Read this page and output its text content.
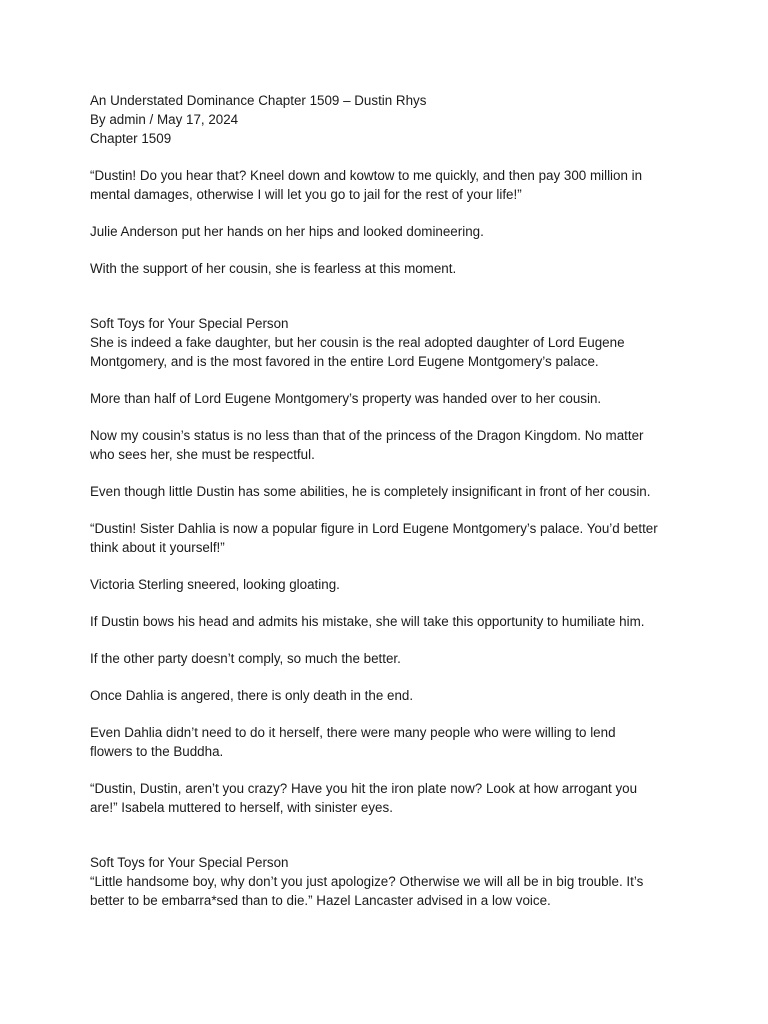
An Understated Dominance Chapter 1509 – Dustin Rhys
By admin / May 17, 2024
Chapter 1509
“Dustin! Do you hear that? Kneel down and kowtow to me quickly, and then pay 300 million in
mental damages, otherwise I will let you go to jail for the rest of your life!”
Julie Anderson put her hands on her hips and looked domineering.
With the support of her cousin, she is fearless at this moment.
Soft Toys for Your Special Person
She is indeed a fake daughter, but her cousin is the real adopted daughter of Lord Eugene
Montgomery, and is the most favored in the entire Lord Eugene Montgomery’s palace.
More than half of Lord Eugene Montgomery’s property was handed over to her cousin.
Now my cousin’s status is no less than that of the princess of the Dragon Kingdom. No matter
who sees her, she must be respectful.
Even though little Dustin has some abilities, he is completely insignificant in front of her cousin.
“Dustin! Sister Dahlia is now a popular figure in Lord Eugene Montgomery’s palace. You’d better
think about it yourself!”
Victoria Sterling sneered, looking gloating.
If Dustin bows his head and admits his mistake, she will take this opportunity to humiliate him.
If the other party doesn’t comply, so much the better.
Once Dahlia is angered, there is only death in the end.
Even Dahlia didn’t need to do it herself, there were many people who were willing to lend
flowers to the Buddha.
“Dustin, Dustin, aren’t you crazy? Have you hit the iron plate now? Look at how arrogant you
are!” Isabela muttered to herself, with sinister eyes.
Soft Toys for Your Special Person
“Little handsome boy, why don’t you just apologize? Otherwise we will all be in big trouble. It’s
better to be embarra*sed than to die.” Hazel Lancaster advised in a low voice.
